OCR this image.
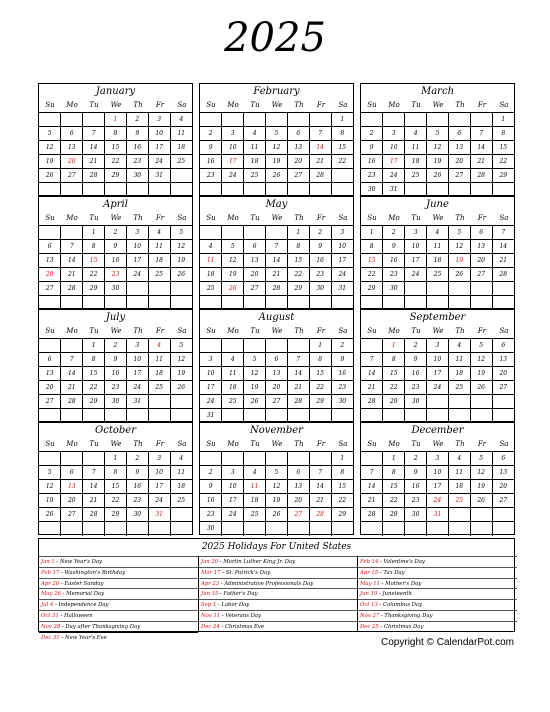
2025
January
Su	Mo	Tu	We	Th	Fr	Sa
			1	2	3	4
5	6	7	8	9	10	11
12	13	14	15	16	17	18
19	20	21	22	23	24	25
26	27	28	29	30	31	

February
Su	Mo	Tu	We	Th	Fr	Sa
						1
2	3	4	5	6	7	8
9	10	11	12	13	14	15
16	17	18	19	20	21	22
23	24	25	26	27	28	

March
Su	Mo	Tu	We	Th	Fr	Sa
						1
2	3	4	5	6	7	8
9	10	11	12	13	14	15
16	17	18	19	20	21	22
23	24	25	26	27	28	29
30	31					
April
Su	Mo	Tu	We	Th	Fr	Sa
		1	2	3	4	5
6	7	8	9	10	11	12
13	14	15	16	17	18	19
20	21	22	23	24	25	26
27	28	29	30			

May
Su	Mo	Tu	We	Th	Fr	Sa
				1	2	3
4	5	6	7	8	9	10
11	12	13	14	15	16	17
18	19	20	21	22	23	24
25	26	27	28	29	30	31

June
Su	Mo	Tu	We	Th	Fr	Sa
1	2	3	4	5	6	7
8	9	10	11	12	13	14
15	16	17	18	19	20	21
22	23	24	25	26	27	28
29	30					

July
Su	Mo	Tu	We	Th	Fr	Sa
		1	2	3	4	5
6	7	8	9	10	11	12
13	14	15	16	17	18	19
20	21	22	23	24	25	26
27	28	29	30	31		

August
Su	Mo	Tu	We	Th	Fr	Sa
					1	2
3	4	5	6	7	8	9
10	11	12	13	14	15	16
17	18	19	20	21	22	23
24	25	26	27	28	29	30
31						
September
Su	Mo	Tu	We	Th	Fr	Sa
	1	2	3	4	5	6
7	8	9	10	11	12	13
14	15	16	17	18	19	20
21	22	23	24	25	26	27
28	29	30				

October
Su	Mo	Tu	We	Th	Fr	Sa
			1	2	3	4
5	6	7	8	9	10	11
12	13	14	15	16	17	18
19	20	21	22	23	24	25
26	27	28	29	30	31	

November
Su	Mo	Tu	We	Th	Fr	Sa
						1
2	3	4	5	6	7	8
9	10	11	12	13	14	15
16	17	18	19	20	21	22
23	24	25	26	27	28	29
30						
December
Su	Mo	Tu	We	Th	Fr	Sa
	1	2	3	4	5	6
7	8	9	10	11	12	13
14	15	16	17	18	19	20
21	22	23	24	25	26	27
28	29	30	31			

2025 Holidays For United States
Jan 1 - New Year's Day
Feb 17 - Washington's Birthday
Apr 20 - Easter Sunday
May 26 - Memorial Day
Jul 4 - Independence Day
Oct 31 - Halloween
Nov 28 - Day after Thanksgiving Day
Dec 31 - New Year's Eve
Jan 20 - Martin Luther King Jr. Day
Mar 17 - St. Patrick's Day
Apr 23 - Administrative Professionals Day
Jun 15 - Father's Day
Sep 1 - Labor Day
Nov 11 - Veterans Day
Dec 24 - Christmas Eve
Feb 14 - Valentine's Day
Apr 15 - Tax Day
May 11 - Mother's Day
Jun 19 - Juneteenth
Oct 13 - Columbus Day
Nov 27 - Thanksgiving Day
Dec 25 - Christmas Day
Copyright © CalendarPot.com
